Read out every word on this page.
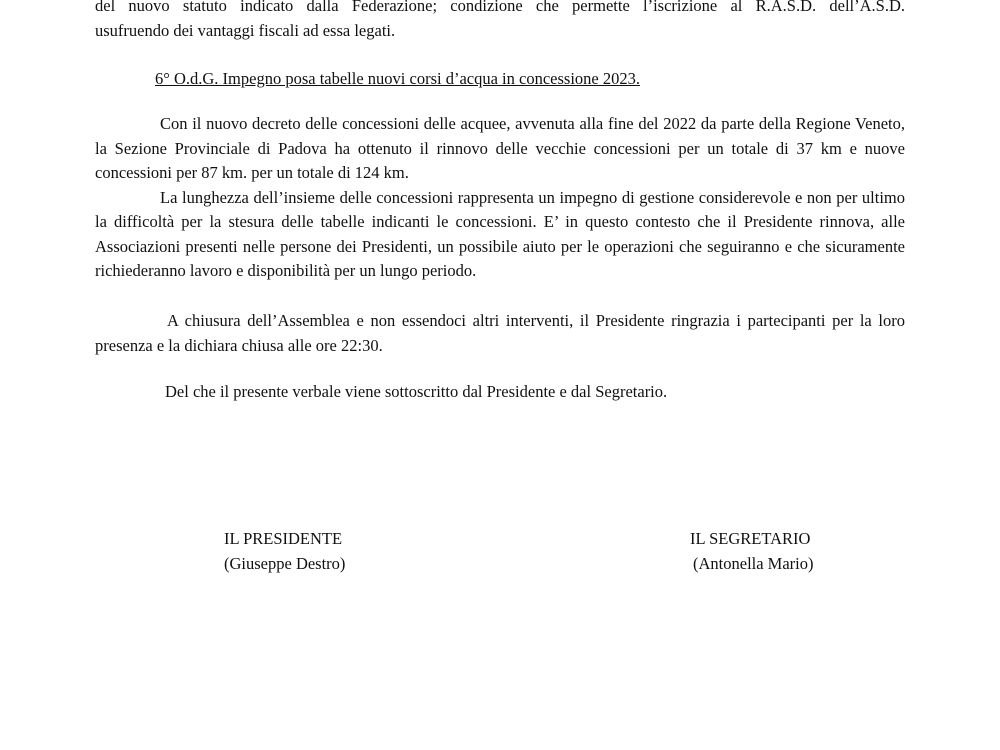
del nuovo statuto indicato dalla Federazione; condizione che permette l’iscrizione al R.A.S.D. dell’A.S.D.
usufruendo dei vantaggi fiscali ad essa legati.
6° O.d.G. Impegno posa tabelle nuovi corsi d’acqua in concessione 2023.

Con il nuovo decreto delle concessioni delle acquee, avvenuta alla fine del 2022 da parte della Regione Veneto, la Sezione Provinciale di Padova ha ottenuto il rinnovo delle vecchie concessioni per un totale di 37 km e nuove concessioni per 87 km. per un totale di 124 km.

La lunghezza dell’insieme delle concessioni rappresenta un impegno di gestione considerevole e non per ultimo la difficoltà per la stesura delle tabelle indicanti le concessioni. E’ in questo contesto che il Presidente rinnova, alle Associazioni presenti nelle persone dei Presidenti, un possibile aiuto per le operazioni che seguiranno e che sicuramente richiederanno lavoro e disponibilità per un lungo periodo.

A chiusura dell’Assemblea e non essendoci altri interventi, il Presidente ringrazia i partecipanti per la loro presenza e la dichiara chiusa alle ore 22:30.
Del che il presente verbale viene sottoscritto dal Presidente e dal Segretario.
IL PRESIDENTE
(Giuseppe Destro)
IL SEGRETARIO
(Antonella Mario)
